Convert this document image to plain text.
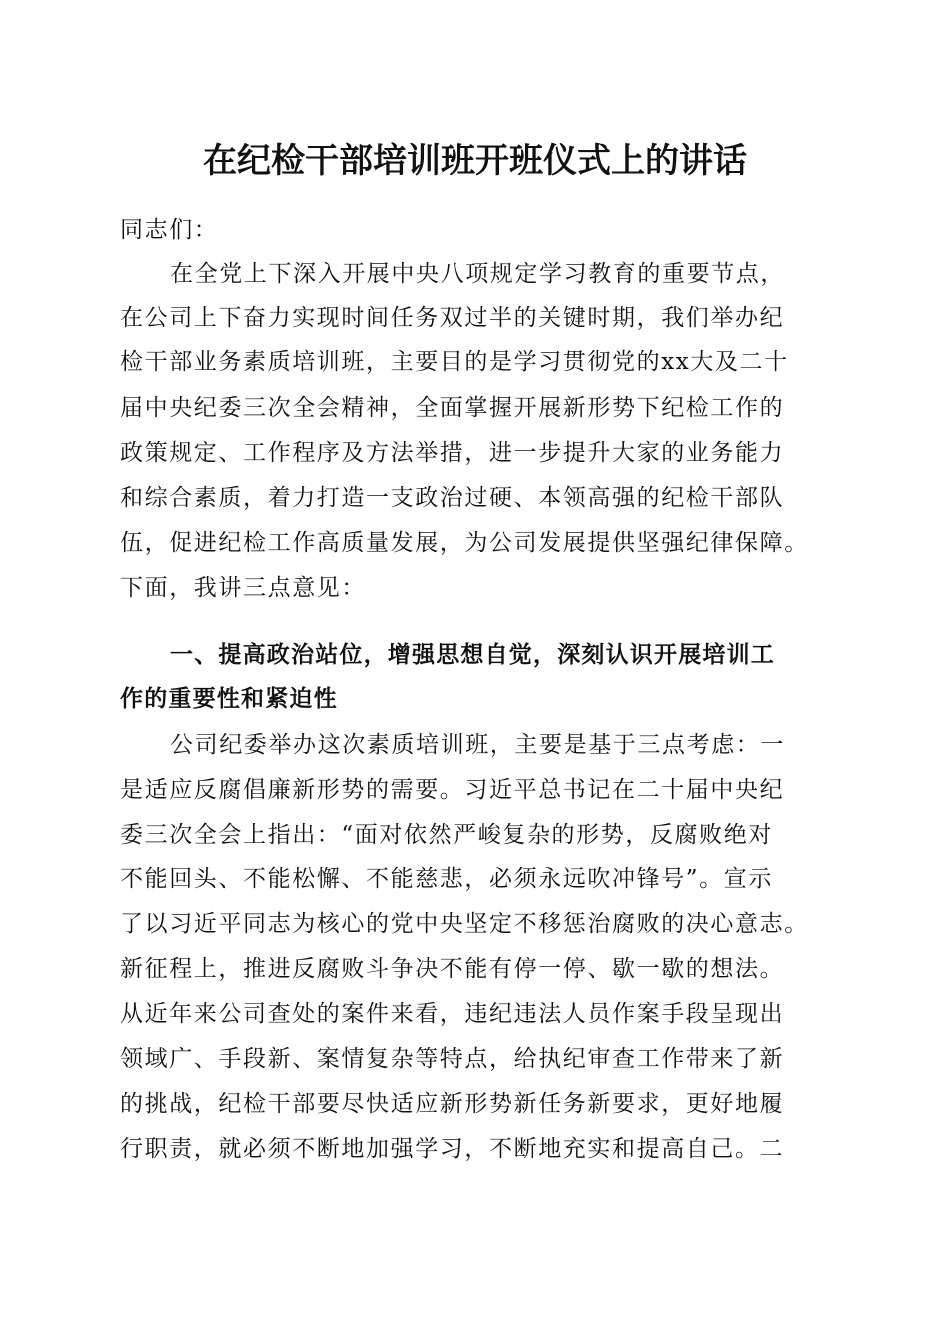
在纪检干部培训班开班仪式上的讲话

同志们：

在全党上下深入开展中央八项规定学习教育的重要节点，

在公司上下奋力实现时间任务双过半的关键时期，我们举办纪

检干部业务素质培训班，主要目的是学习贯彻党的xx大及二十

届中央纪委三次全会精神，全面掌握开展新形势下纪检工作的

政策规定、工作程序及方法举措，进一步提升大家的业务能力

和综合素质，着力打造一支政治过硬、本领高强的纪检干部队

伍，促进纪检工作高质量发展，为公司发展提供坚强纪律保障。

下面，我讲三点意见：

一、提高政治站位，增强思想自觉，深刻认识开展培训工

作的重要性和紧迫性

公司纪委举办这次素质培训班，主要是基于三点考虑：一

是适应反腐倡廉新形势的需要。习近平总书记在二十届中央纪

委三次全会上指出：“面对依然严峻复杂的形势，反腐败绝对

不能回头、不能松懈、不能慈悲，必须永远吹冲锋号”。宣示

了以习近平同志为核心的党中央坚定不移惩治腐败的决心意志。

新征程上，推进反腐败斗争决不能有停一停、歇一歇的想法。

从近年来公司查处的案件来看，违纪违法人员作案手段呈现出

领域广、手段新、案情复杂等特点，给执纪审查工作带来了新

的挑战，纪检干部要尽快适应新形势新任务新要求，更好地履

行职责，就必须不断地加强学习，不断地充实和提高自己。二
